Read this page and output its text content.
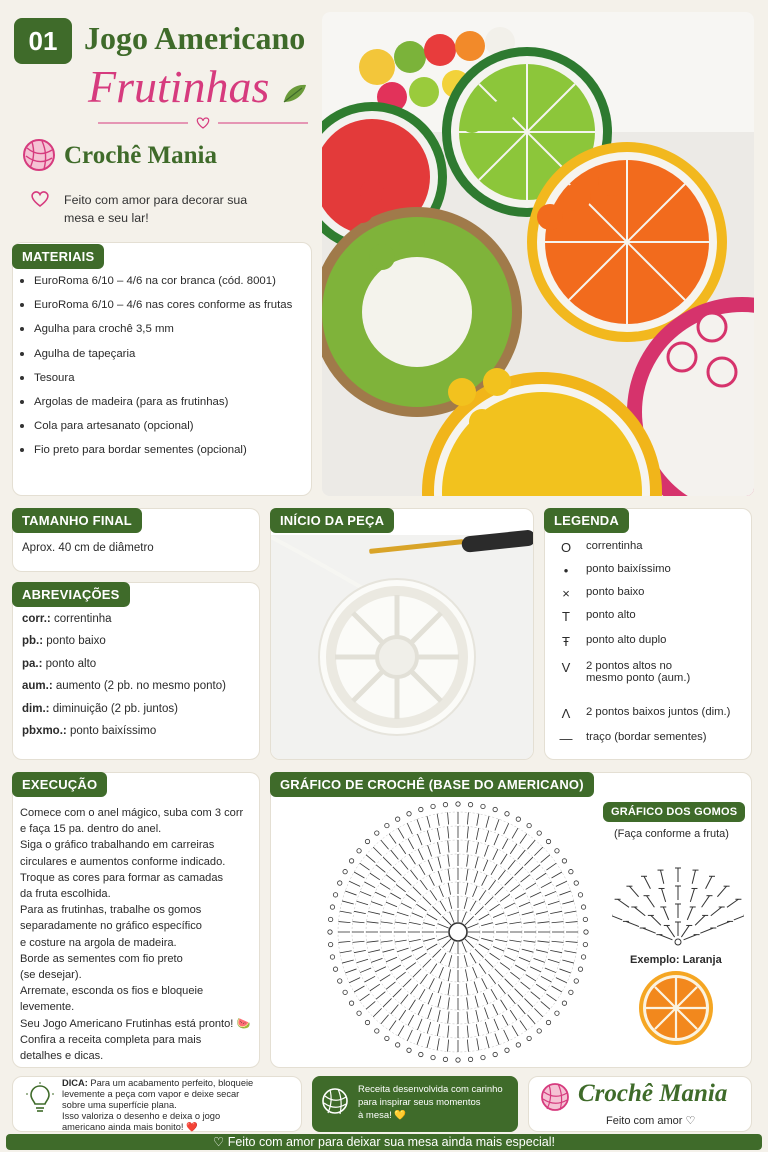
01 Jogo Americano
Frutinhas
Crochê Mania
Feito com amor para decorar sua mesa e seu lar!
MATERIAIS
EuroRoma 6/10 – 4/6 na cor branca (cód. 8001)
EuroRoma 6/10 – 4/6 nas cores conforme as frutas
Agulha para crochê 3,5 mm
Agulha de tapeçaria
Tesoura
Argolas de madeira (para as frutinhas)
Cola para artesanato (opcional)
Fio preto para bordar sementes (opcional)
TAMANHO FINAL
Aprox. 40 cm de diâmetro
ABREVIAÇÕES
corr.: correntinha
pb.: ponto baixo
pa.: ponto alto
aum.: aumento (2 pb. no mesmo ponto)
dim.: diminuição (2 pb. juntos)
pbxmo.: ponto baixíssimo
INÍCIO DA PEÇA	LEGENDA
O	correntinha
•	ponto baixíssimo
×	ponto baixo
T	ponto alto
Ŧ	ponto alto duplo
V	2 pontos altos no
mesmo ponto (aum.)
Λ	2 pontos baixos juntos (dim.)
—	traço (bordar sementes)
EXECUÇÃO

Comece com o anel mágico, suba com 3 corr

e faça 15 pa. dentro do anel.

Siga o gráfico trabalhando em carreiras

circulares e aumentos conforme indicado.

Troque as cores para formar as camadas

da fruta escolhida.

Para as frutinhas, trabalhe os gomos

separadamente no gráfico específico

e costure na argola de madeira.

Borde as sementes com fio preto

(se desejar).

Arremate, esconda os fios e bloqueie

levemente.

Seu Jogo Americano Frutinhas está pronto! 🍉

Confira a receita completa para mais

detalhes e dicas.

GRÁFICO DE CROCHÊ (BASE DO AMERICANO)
GRÁFICO DOS GOMOS
(Faça conforme a fruta)
Exemplo: Laranja
DICA: Para um acabamento perfeito, bloqueie
levemente a peça com vapor e deixe secar
sobre uma superfície plana.
Isso valoriza o desenho e deixa o jogo
americano ainda mais bonito! ❤️
Receita desenvolvida com carinho
para inspirar seus momentos
à mesa! 💛
Crochê Mania
Feito com amor ♡
♡ Feito com amor para deixar sua mesa ainda mais especial!
